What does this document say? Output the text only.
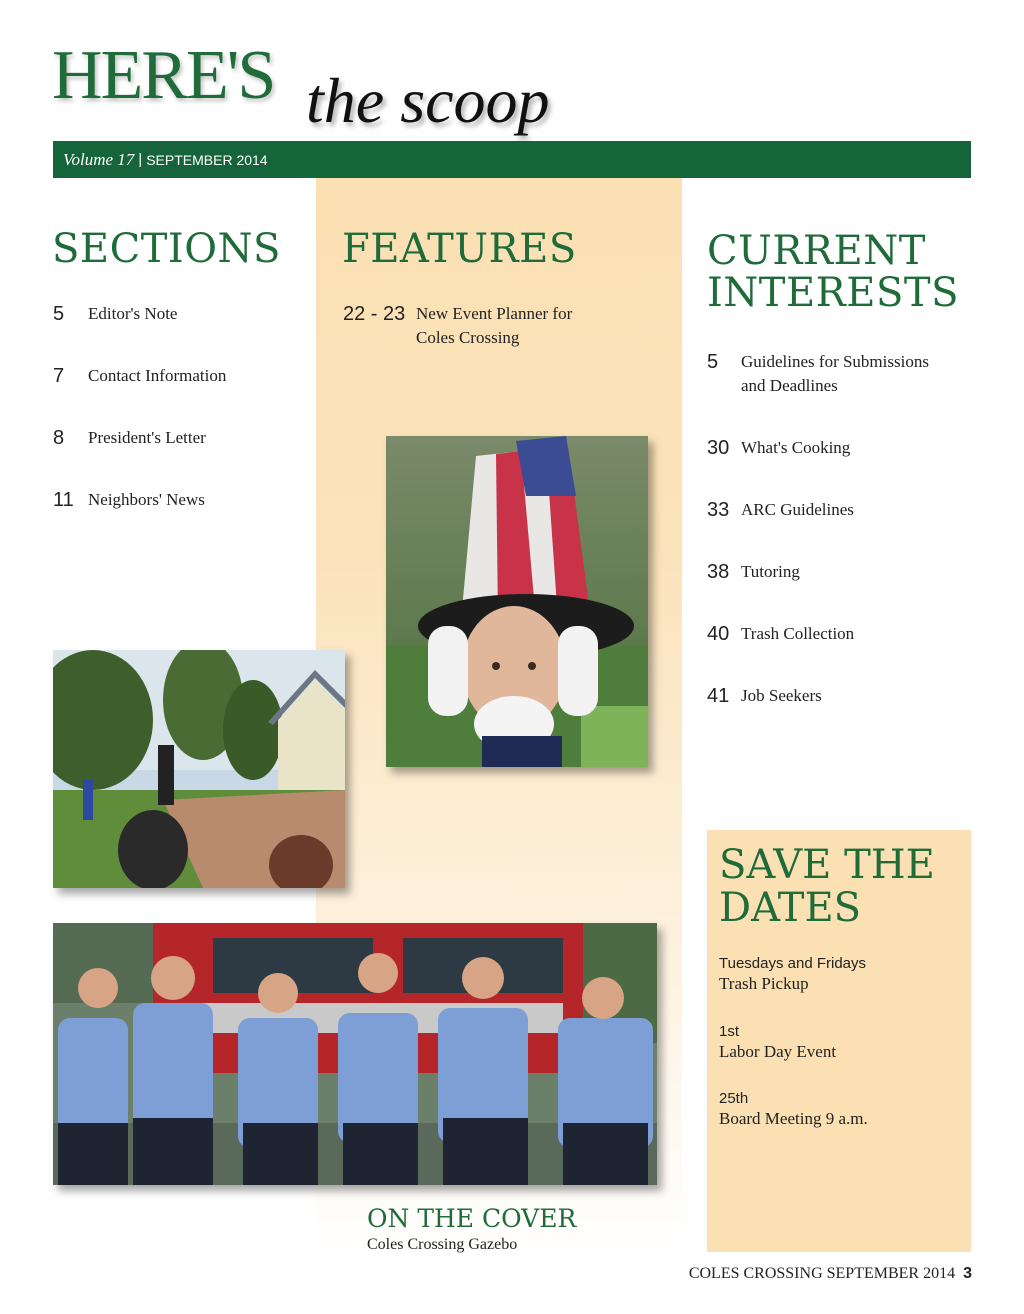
HERE'S the scoop
Volume 17 | SEPTEMBER 2014
SECTIONS
5	Editor's Note
7	Contact Information
8	President's Letter
11 Neighbors' News
FEATURES
22 - 23 New Event Planner for
Coles Crossing
CURRENT
INTERESTS
5	Guidelines for Submissions
and Deadlines
30 What's Cooking
33 ARC Guidelines
38 Tutoring
40 Trash Collection
41 Job Seekers
SAVE THE
DATES
Tuesdays and Fridays
Trash Pickup
1st
Labor Day Event
25th
Board Meeting 9 a.m.
ON THE COVER
Coles Crossing Gazebo
COLES CROSSING SEPTEMBER 2014 3
